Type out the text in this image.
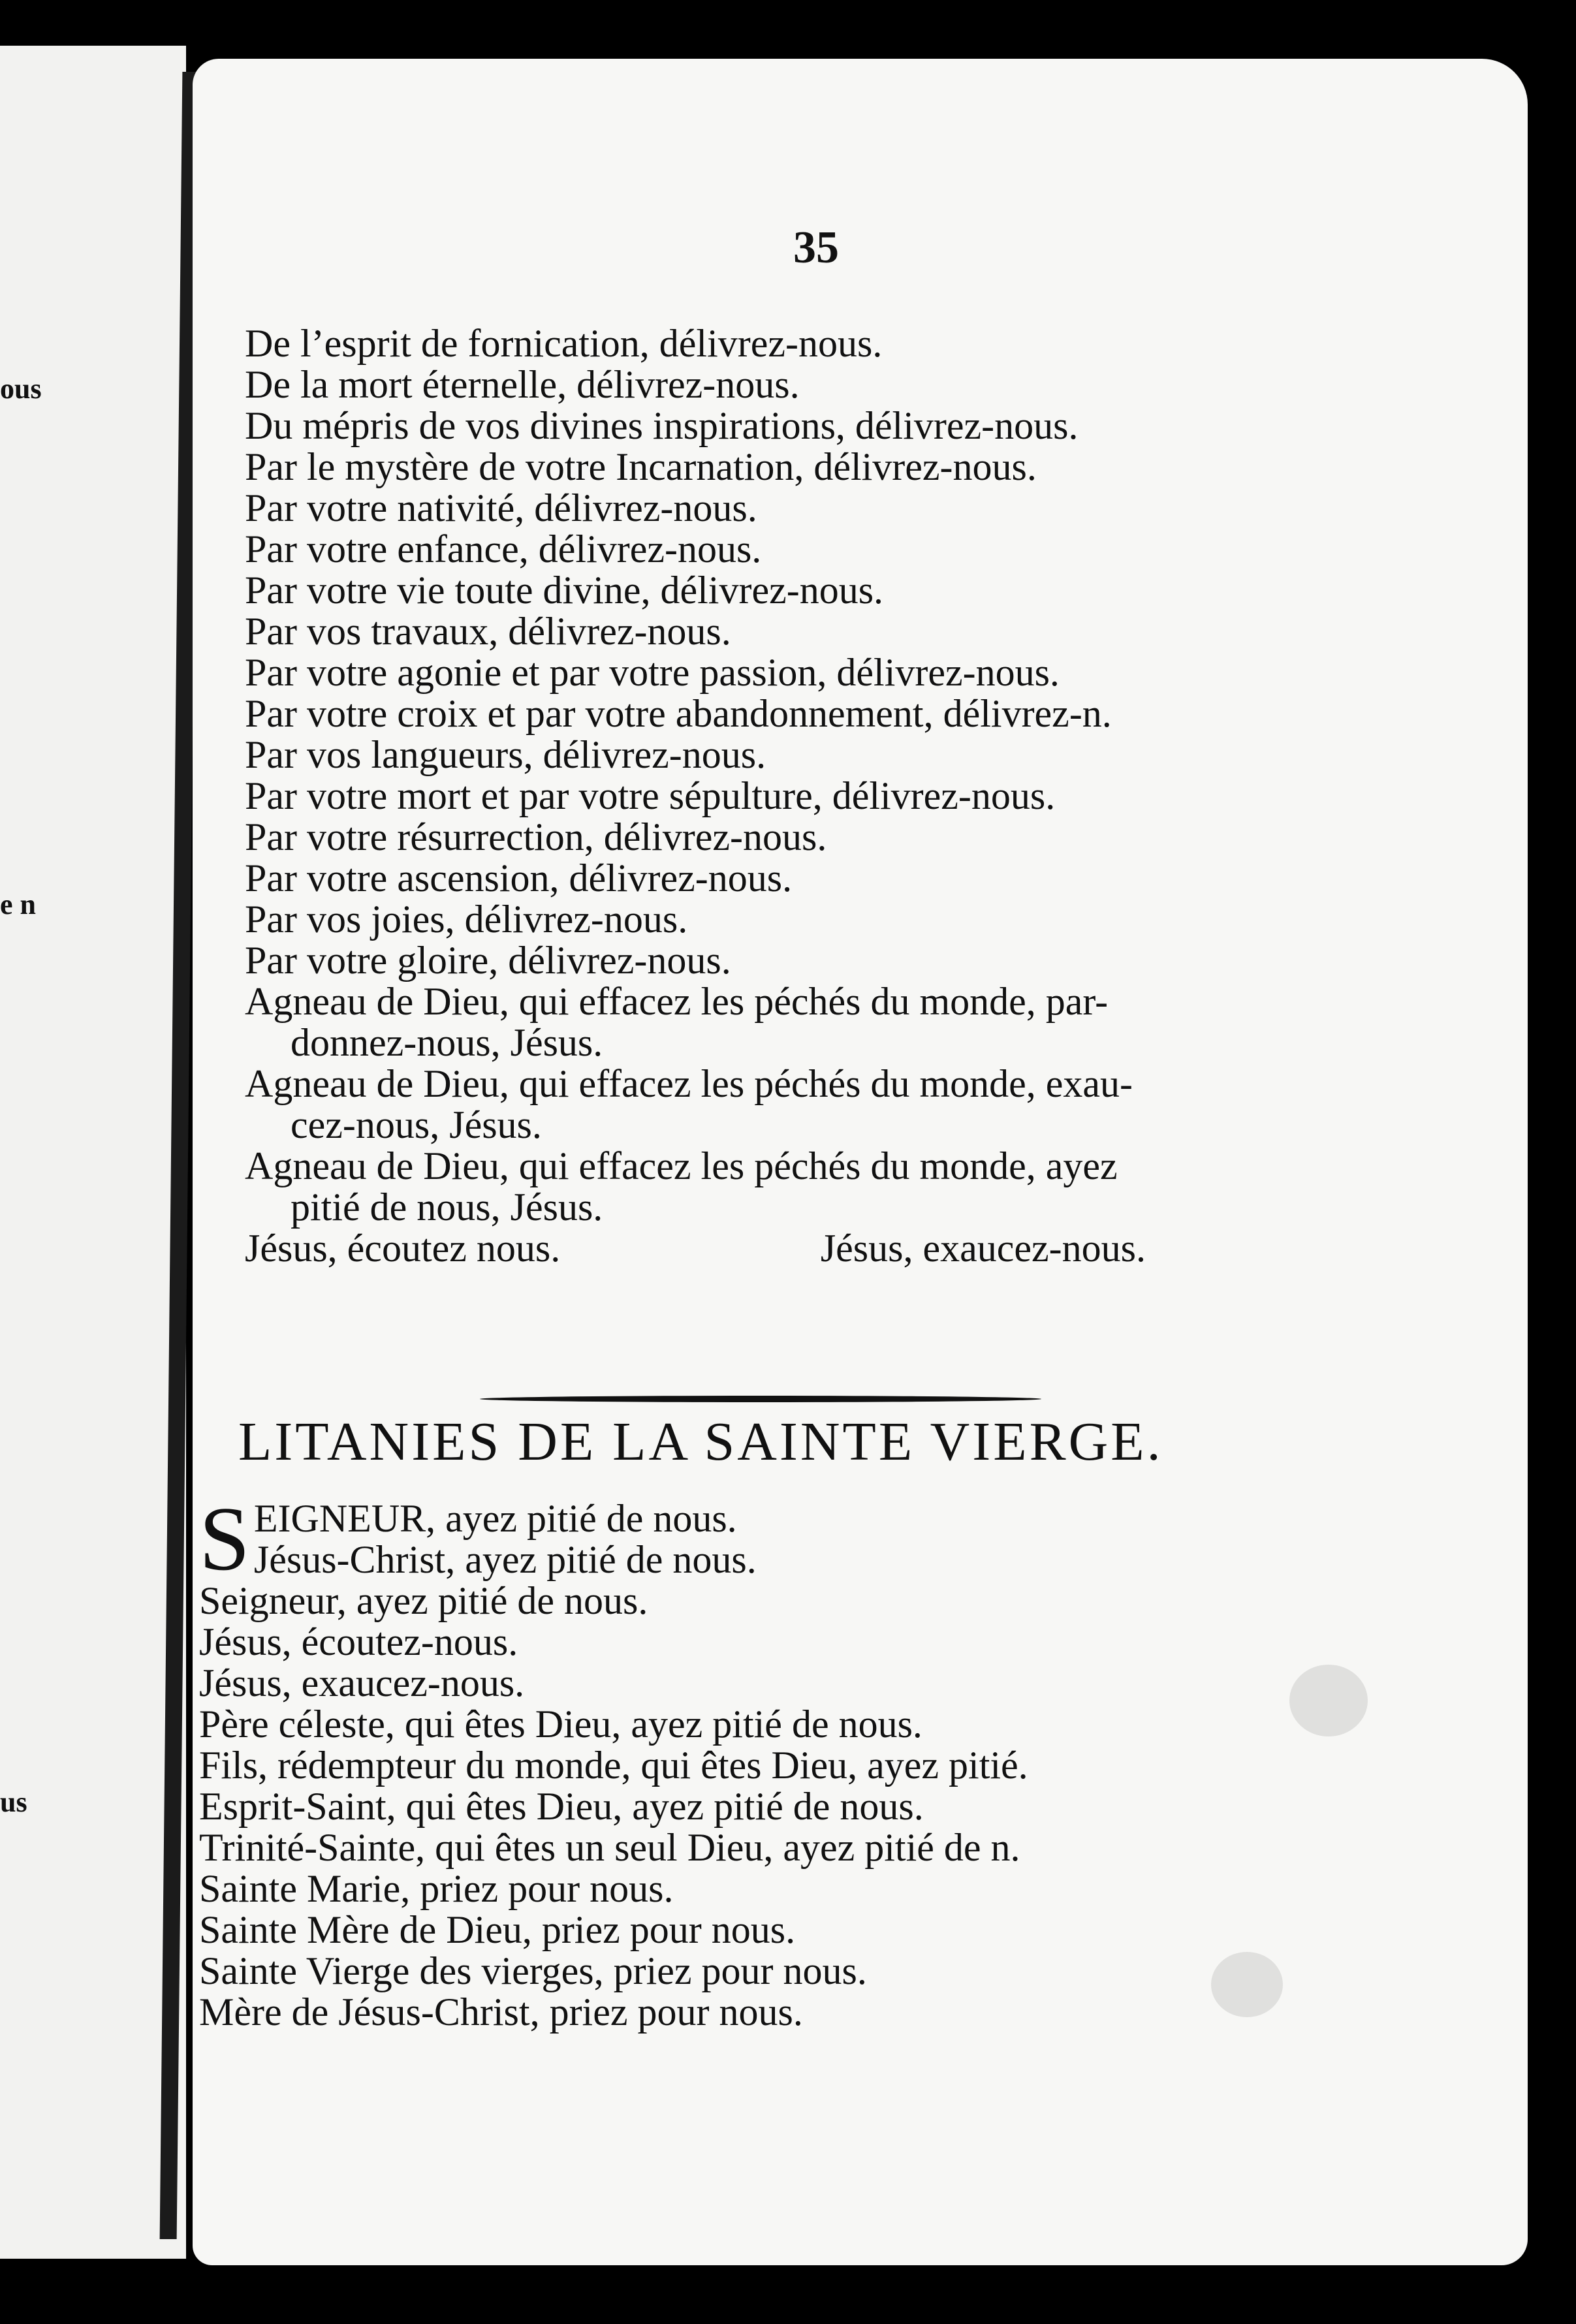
ous
e n
us
35
De l’esprit de fornication, délivrez-nous.
De la mort éternelle, délivrez-nous.
Du mépris de vos divines inspirations, délivrez-nous.
Par le mystère de votre Incarnation, délivrez-nous.
Par votre nativité, délivrez-nous.
Par votre enfance, délivrez-nous.
Par votre vie toute divine, délivrez-nous.
Par vos travaux, délivrez-nous.
Par votre agonie et par votre passion, délivrez-nous.
Par votre croix et par votre abandonnement, délivrez-n.
Par vos langueurs, délivrez-nous.
Par votre mort et par votre sépulture, délivrez-nous.
Par votre résurrection, délivrez-nous.
Par votre ascension, délivrez-nous.
Par vos joies, délivrez-nous.
Par votre gloire, délivrez-nous.
Agneau de Dieu, qui effacez les péchés du monde, par-
donnez-nous, Jésus.
Agneau de Dieu, qui effacez les péchés du monde, exau-
cez-nous, Jésus.
Agneau de Dieu, qui effacez les péchés du monde, ayez
pitié de nous, Jésus.
Jésus, écoutez nous.	Jésus, exaucez-nous.
LITANIES DE LA SAINTE VIERGE.
S EIGNEUR, ayez pitié de nous.
Jésus-Christ, ayez pitié de nous.
Seigneur, ayez pitié de nous.
Jésus, écoutez-nous.
Jésus, exaucez-nous.
Père céleste, qui êtes Dieu, ayez pitié de nous.
Fils, rédempteur du monde, qui êtes Dieu, ayez pitié.
Esprit-Saint, qui êtes Dieu, ayez pitié de nous.
Trinité-Sainte, qui êtes un seul Dieu, ayez pitié de n.
Sainte Marie, priez pour nous.
Sainte Mère de Dieu, priez pour nous.
Sainte Vierge des vierges, priez pour nous.
Mère de Jésus-Christ, priez pour nous.
